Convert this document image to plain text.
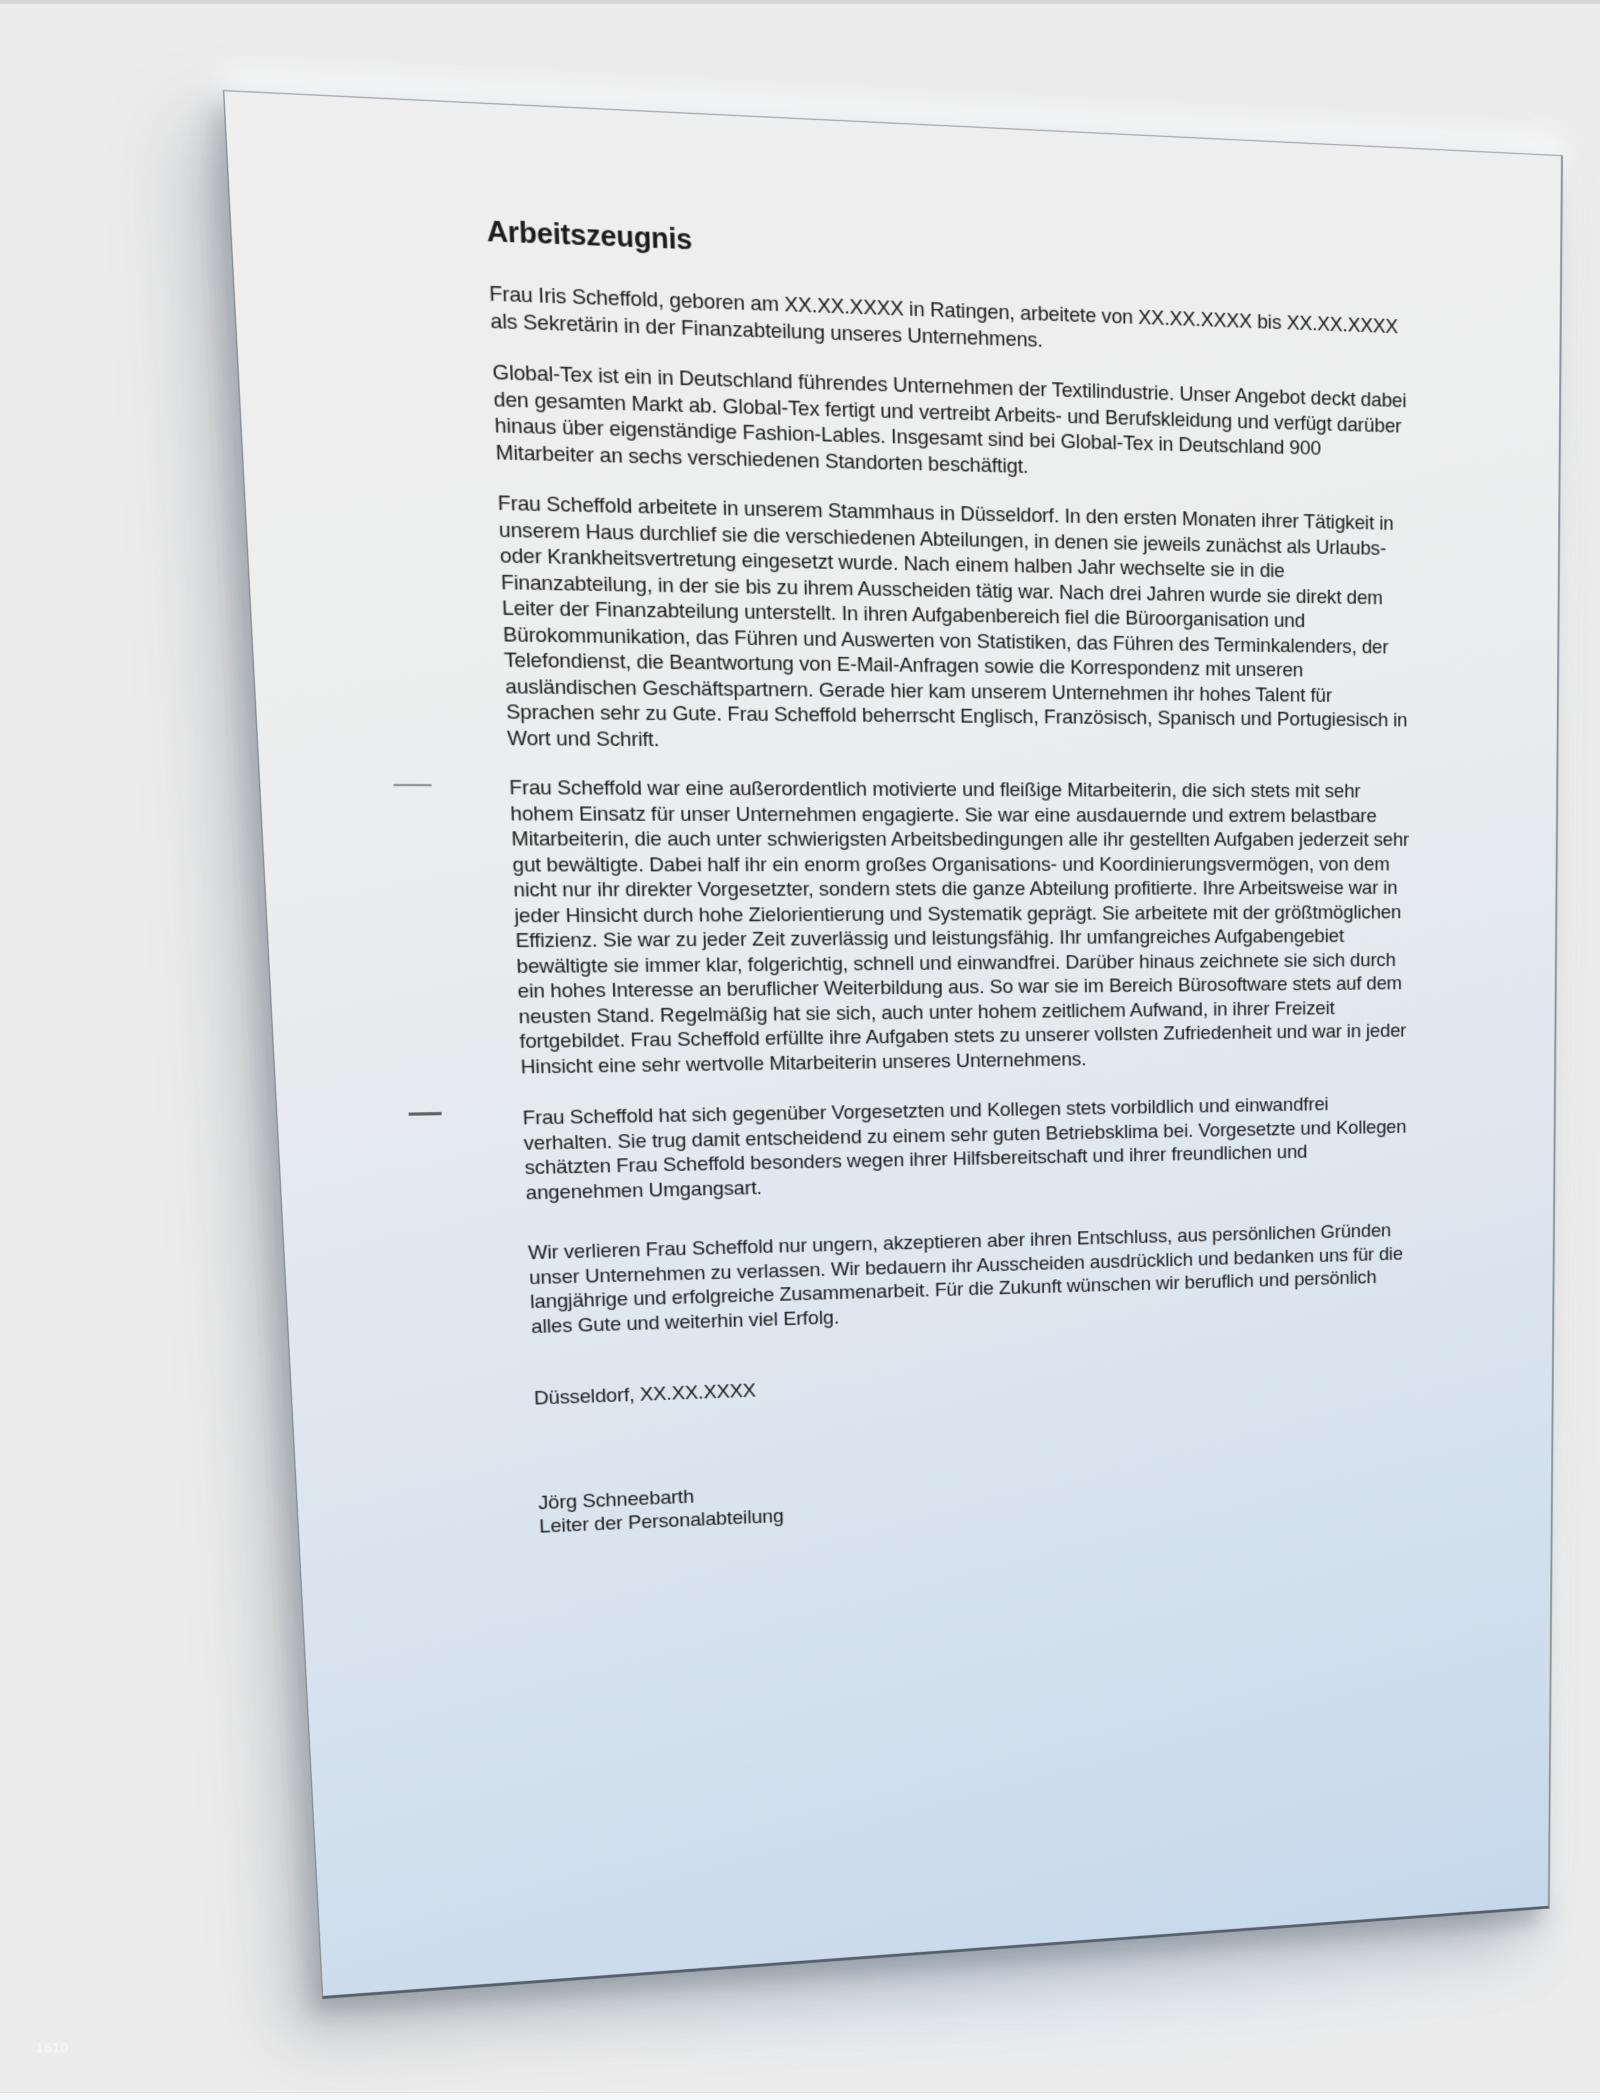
Arbeitszeugnis
Frau Iris Scheffold, geboren am XX.XX.XXXX in Ratingen, arbeitete von XX.XX.XXXX bis XX.XX.XXXX
als Sekretärin in der Finanzabteilung unseres Unternehmens.
Global-Tex ist ein in Deutschland führendes Unternehmen der Textilindustrie. Unser Angebot deckt dabei
den gesamten Markt ab. Global-Tex fertigt und vertreibt Arbeits- und Berufskleidung und verfügt darüber
hinaus über eigenständige Fashion-Lables. Insgesamt sind bei Global-Tex in Deutschland 900
Mitarbeiter an sechs verschiedenen Standorten beschäftigt.
Frau Scheffold arbeitete in unserem Stammhaus in Düsseldorf. In den ersten Monaten ihrer Tätigkeit in
unserem Haus durchlief sie die verschiedenen Abteilungen, in denen sie jeweils zunächst als Urlaubs-
oder Krankheitsvertretung eingesetzt wurde. Nach einem halben Jahr wechselte sie in die
Finanzabteilung, in der sie bis zu ihrem Ausscheiden tätig war. Nach drei Jahren wurde sie direkt dem
Leiter der Finanzabteilung unterstellt. In ihren Aufgabenbereich fiel die Büroorganisation und
Bürokommunikation, das Führen und Auswerten von Statistiken, das Führen des Terminkalenders, der
Telefondienst, die Beantwortung von E-Mail-Anfragen sowie die Korrespondenz mit unseren
ausländischen Geschäftspartnern. Gerade hier kam unserem Unternehmen ihr hohes Talent für
Sprachen sehr zu Gute. Frau Scheffold beherrscht Englisch, Französisch, Spanisch und Portugiesisch in
Wort und Schrift.
Frau Scheffold war eine außerordentlich motivierte und fleißige Mitarbeiterin, die sich stets mit sehr
hohem Einsatz für unser Unternehmen engagierte. Sie war eine ausdauernde und extrem belastbare
Mitarbeiterin, die auch unter schwierigsten Arbeitsbedingungen alle ihr gestellten Aufgaben jederzeit sehr
gut bewältigte. Dabei half ihr ein enorm großes Organisations- und Koordinierungsvermögen, von dem
nicht nur ihr direkter Vorgesetzter, sondern stets die ganze Abteilung profitierte. Ihre Arbeitsweise war in
jeder Hinsicht durch hohe Zielorientierung und Systematik geprägt. Sie arbeitete mit der größtmöglichen
Effizienz. Sie war zu jeder Zeit zuverlässig und leistungsfähig. Ihr umfangreiches Aufgabengebiet
bewältigte sie immer klar, folgerichtig, schnell und einwandfrei. Darüber hinaus zeichnete sie sich durch
ein hohes Interesse an beruflicher Weiterbildung aus. So war sie im Bereich Bürosoftware stets auf dem
neusten Stand. Regelmäßig hat sie sich, auch unter hohem zeitlichem Aufwand, in ihrer Freizeit
fortgebildet. Frau Scheffold erfüllte ihre Aufgaben stets zu unserer vollsten Zufriedenheit und war in jeder
Hinsicht eine sehr wertvolle Mitarbeiterin unseres Unternehmens.
Frau Scheffold hat sich gegenüber Vorgesetzten und Kollegen stets vorbildlich und einwandfrei
verhalten. Sie trug damit entscheidend zu einem sehr guten Betriebsklima bei. Vorgesetzte und Kollegen
schätzten Frau Scheffold besonders wegen ihrer Hilfsbereitschaft und ihrer freundlichen und
angenehmen Umgangsart.
Wir verlieren Frau Scheffold nur ungern, akzeptieren aber ihren Entschluss, aus persönlichen Gründen
unser Unternehmen zu verlassen. Wir bedauern ihr Ausscheiden ausdrücklich und bedanken uns für die
langjährige und erfolgreiche Zusammenarbeit. Für die Zukunft wünschen wir beruflich und persönlich
alles Gute und weiterhin viel Erfolg.
Düsseldorf, XX.XX.XXXX
Jörg Schneebarth
Leiter der Personalabteilung
1610
